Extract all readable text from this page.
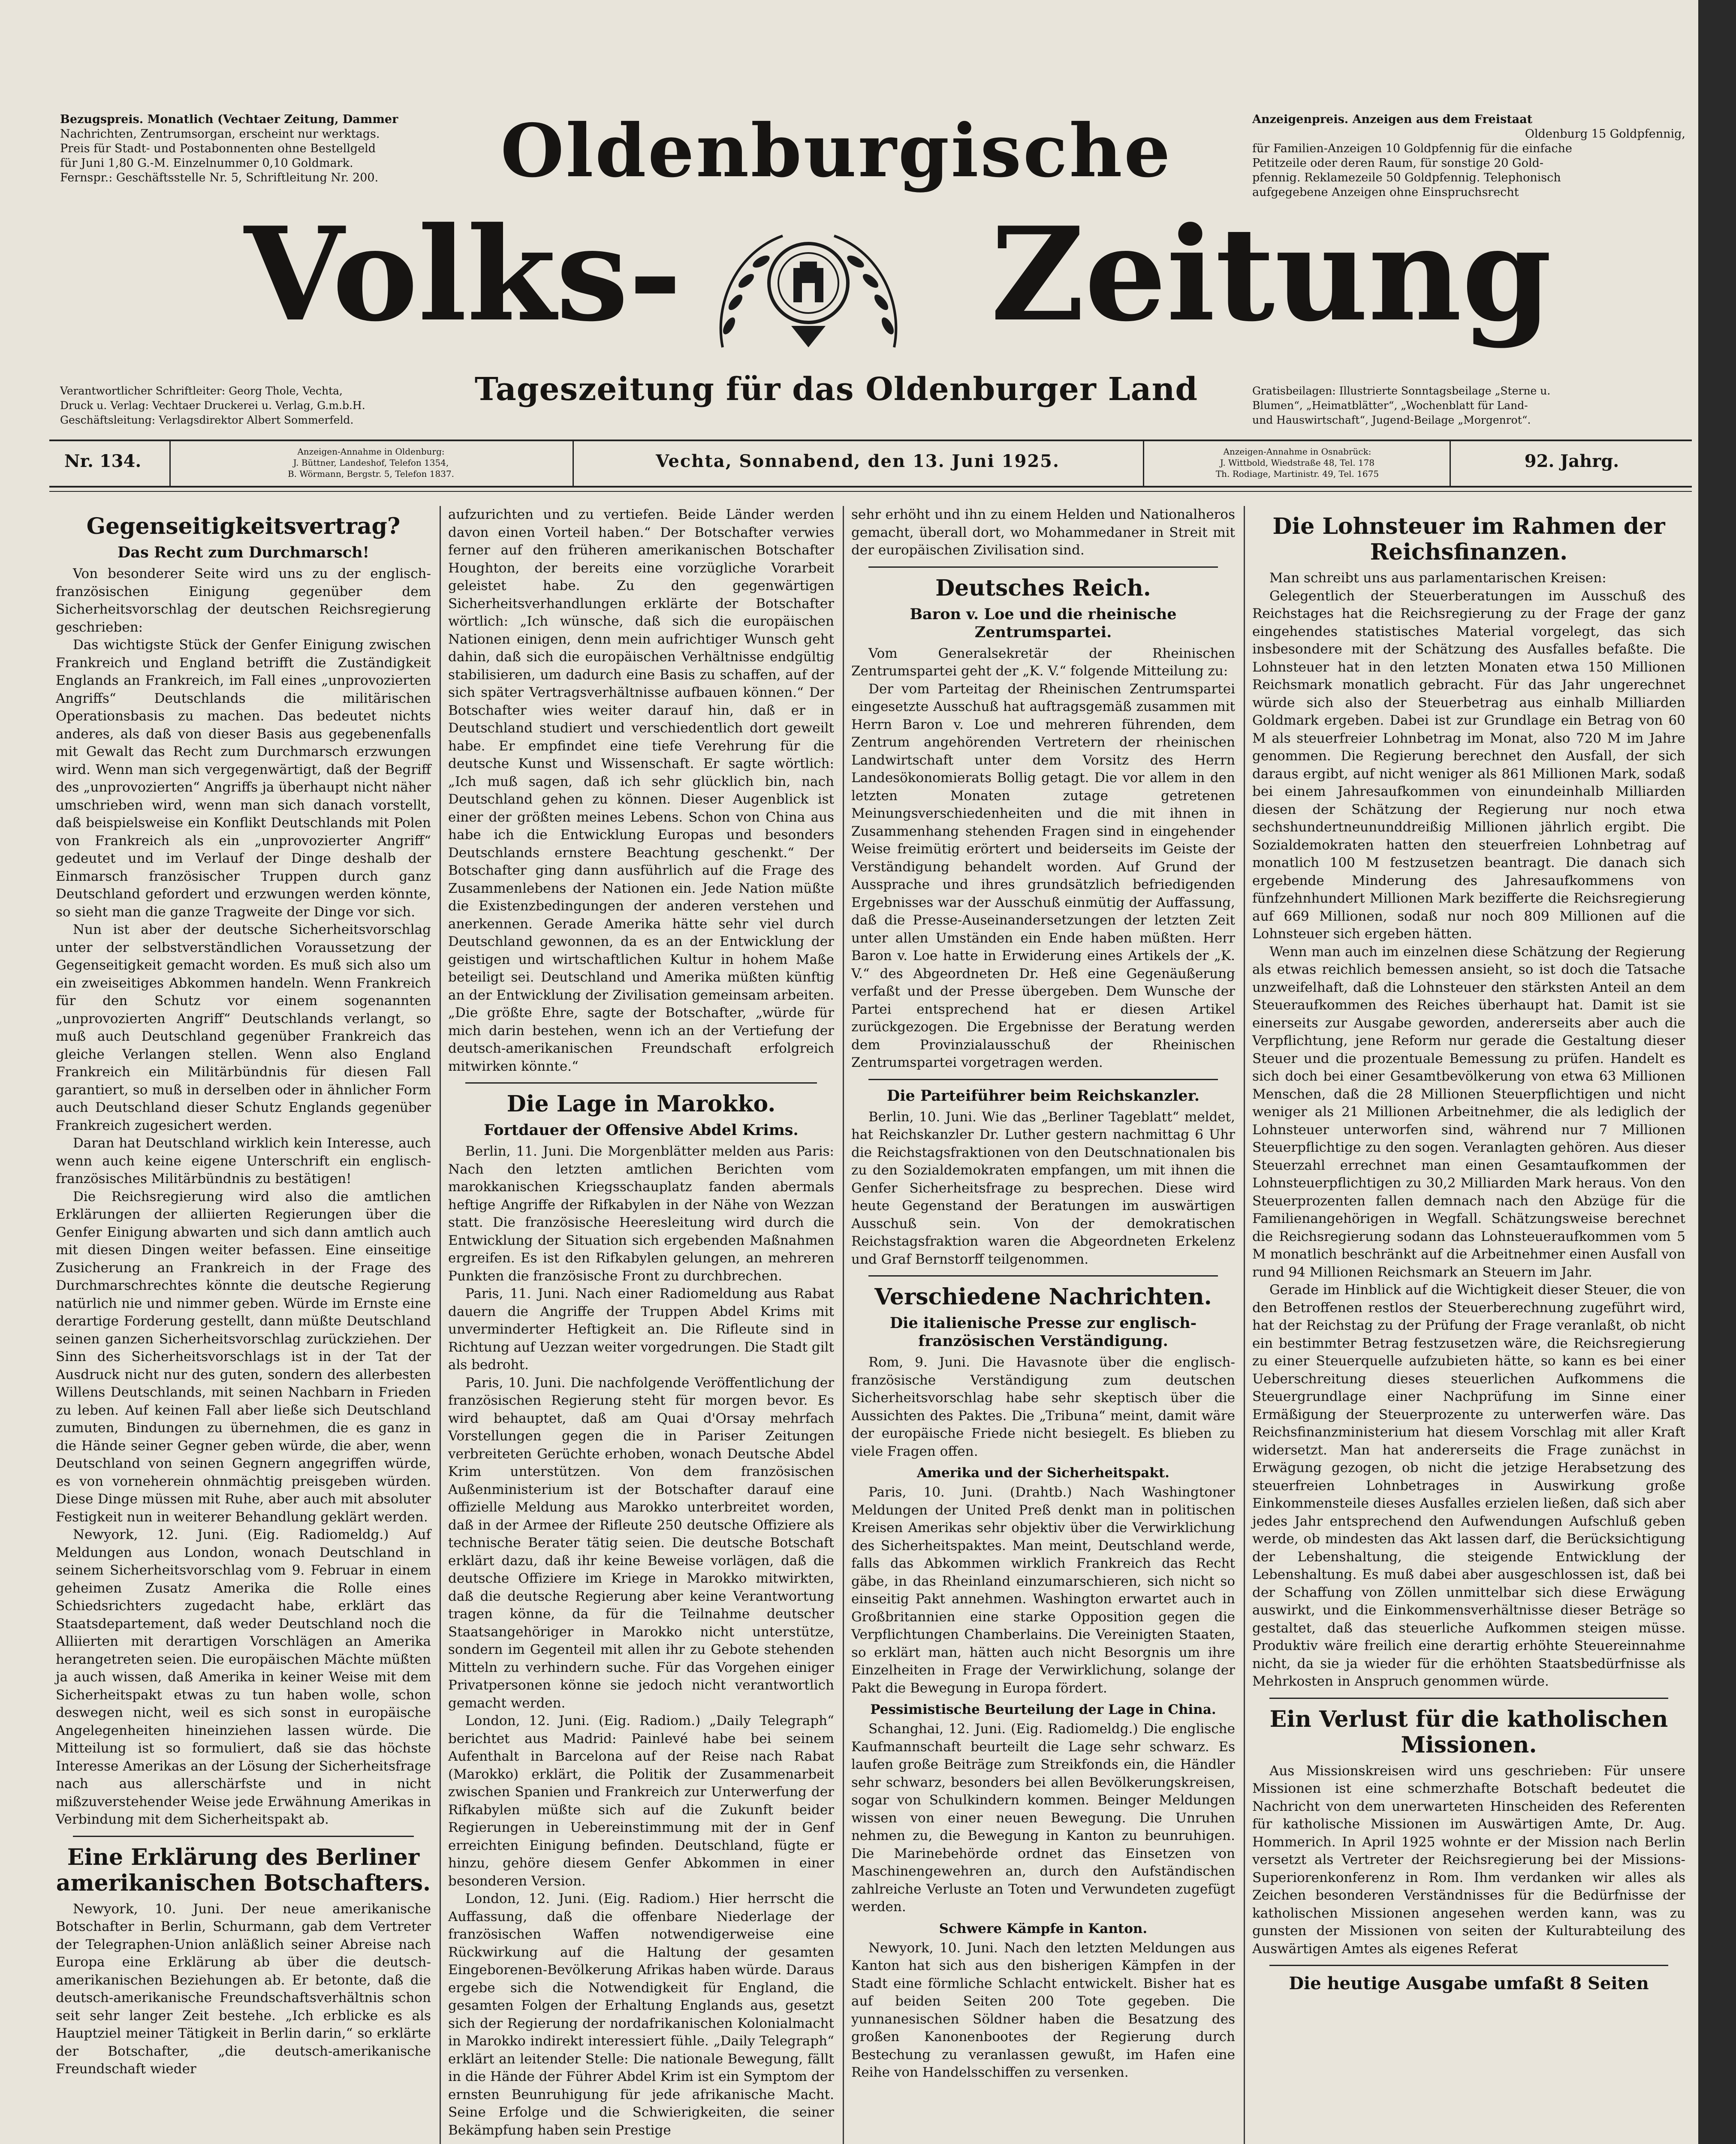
Bezugspreis. Monatlich (Vechtaer Zeitung, Dammer
Nachrichten, Zentrumsorgan, erscheint nur werktags.
Preis für Stadt- und Postabonnenten ohne Bestellgeld
für Juni 1,80 G.-M. Einzelnummer 0,10 Goldmark.
Fernspr.: Geschäftsstelle Nr. 5, Schriftleitung Nr. 200.
Anzeigenpreis. Anzeigen aus dem Freistaat
Oldenburg 15 Goldpfennig,
für Familien-Anzeigen 10 Goldpfennig für die einfache
Petitzeile oder deren Raum, für sonstige 20 Gold-
pfennig. Reklamezeile 50 Goldpfennig. Telephonisch
aufgegebene Anzeigen ohne Einspruchsrecht
Oldenburgische
Volks- Zeitung
Tageszeitung für das Oldenburger Land
Verantwortlicher Schriftleiter: Georg Thole, Vechta,
Druck u. Verlag: Vechtaer Druckerei u. Verlag, G.m.b.H.
Geschäftsleitung: Verlagsdirektor Albert Sommerfeld.
Gratisbeilagen: Illustrierte Sonntagsbeilage „Sterne u.
Blumen“, „Heimatblätter“, „Wochenblatt für Land-
und Hauswirtschaft“, Jugend-Beilage „Morgenrot“.
Nr. 134.	Anzeigen-Annahme in Oldenburg:
J. Büttner, Landeshof, Telefon 1354,
B. Wörmann, Bergstr. 5, Telefon 1837.
Vechta, Sonnabend, den 13. Juni 1925.	Anzeigen-Annahme in Osnabrück:
J. Wittbold, Wiedstraße 48, Tel. 178
Th. Rodiage, Martinistr. 49, Tel. 1675
92. Jahrg.
Gegenseitigkeitsvertrag?
Das Recht zum Durchmarsch!

Von besonderer Seite wird uns zu der englisch-französischen Einigung gegenüber dem Sicherheitsvorschlag der deutschen Reichsregierung geschrieben:

Das wichtigste Stück der Genfer Einigung zwischen Frankreich und England betrifft die Zuständigkeit Englands an Frankreich, im Fall eines „unprovozierten Angriffs“ Deutschlands die militärischen Operationsbasis zu machen. Das bedeutet nichts anderes, als daß von dieser Basis aus gegebenenfalls mit Gewalt das Recht zum Durchmarsch erzwungen wird. Wenn man sich vergegenwärtigt, daß der Begriff des „unprovozierten“ Angriffs ja überhaupt nicht näher umschrieben wird, wenn man sich danach vorstellt, daß beispielsweise ein Konflikt Deutschlands mit Polen von Frankreich als ein „unprovozierter Angriff“ gedeutet und im Verlauf der Dinge deshalb der Einmarsch französischer Truppen durch ganz Deutschland gefordert und erzwungen werden könnte, so sieht man die ganze Tragweite der Dinge vor sich.

Nun ist aber der deutsche Sicherheitsvorschlag unter der selbstverständlichen Voraussetzung der Gegenseitigkeit gemacht worden. Es muß sich also um ein zweiseitiges Abkommen handeln. Wenn Frankreich für den Schutz vor einem sogenannten „unprovozierten Angriff“ Deutschlands verlangt, so muß auch Deutschland gegenüber Frankreich das gleiche Verlangen stellen. Wenn also England Frankreich ein Militärbündnis für diesen Fall garantiert, so muß in derselben oder in ähnlicher Form auch Deutschland dieser Schutz Englands gegenüber Frankreich zugesichert werden.

Daran hat Deutschland wirklich kein Interesse, auch wenn auch keine eigene Unterschrift ein englisch-französisches Militärbündnis zu bestätigen!

Die Reichsregierung wird also die amtlichen Erklärungen der alliierten Regierungen über die Genfer Einigung abwarten und sich dann amtlich auch mit diesen Dingen weiter befassen. Eine einseitige Zusicherung an Frankreich in der Frage des Durchmarschrechtes könnte die deutsche Regierung natürlich nie und nimmer geben. Würde im Ernste eine derartige Forderung gestellt, dann müßte Deutschland seinen ganzen Sicherheitsvorschlag zurückziehen. Der Sinn des Sicherheitsvorschlags ist in der Tat der Ausdruck nicht nur des guten, sondern des allerbesten Willens Deutschlands, mit seinen Nachbarn in Frieden zu leben. Auf keinen Fall aber ließe sich Deutschland zumuten, Bindungen zu übernehmen, die es ganz in die Hände seiner Gegner geben würde, die aber, wenn Deutschland von seinen Gegnern angegriffen würde, es von vorneherein ohnmächtig preisgeben würden. Diese Dinge müssen mit Ruhe, aber auch mit absoluter Festigkeit nun in weiterer Behandlung geklärt werden.

Newyork, 12. Juni. (Eig. Radiomeldg.) Auf Meldungen aus London, wonach Deutschland in seinem Sicherheitsvorschlag vom 9. Februar in einem geheimen Zusatz Amerika die Rolle eines Schiedsrichters zugedacht habe, erklärt das Staatsdepartement, daß weder Deutschland noch die Alliierten mit derartigen Vorschlägen an Amerika herangetreten seien. Die europäischen Mächte müßten ja auch wissen, daß Amerika in keiner Weise mit dem Sicherheitspakt etwas zu tun haben wolle, schon deswegen nicht, weil es sich sonst in europäische Angelegenheiten hineinziehen lassen würde. Die Mitteilung ist so formuliert, daß sie das höchste Interesse Amerikas an der Lösung der Sicherheitsfrage nach aus allerschärfste und in nicht mißzuverstehender Weise jede Erwähnung Amerikas in Verbindung mit dem Sicherheitspakt ab.

Eine Erklärung des Berliner amerikanischen Botschafters.

Newyork, 10. Juni. Der neue amerikanische Botschafter in Berlin, Schurmann, gab dem Vertreter der Telegraphen-Union anläßlich seiner Abreise nach Europa eine Erklärung ab über die deutsch-amerikanischen Beziehungen ab. Er betonte, daß die deutsch-amerikanische Freundschaftsverhältnis schon seit sehr langer Zeit bestehe. „Ich erblicke es als Hauptziel meiner Tätigkeit in Berlin darin,“ so erklärte der Botschafter, „die deutsch-amerikanische Freundschaft wieder

aufzurichten und zu vertiefen. Beide Länder werden davon einen Vorteil haben.“ Der Botschafter verwies ferner auf den früheren amerikanischen Botschafter Houghton, der bereits eine vorzügliche Vorarbeit geleistet habe. Zu den gegenwärtigen Sicherheitsverhandlungen erklärte der Botschafter wörtlich: „Ich wünsche, daß sich die europäischen Nationen einigen, denn mein aufrichtiger Wunsch geht dahin, daß sich die europäischen Verhältnisse endgültig stabilisieren, um dadurch eine Basis zu schaffen, auf der sich später Vertragsverhältnisse aufbauen können.“ Der Botschafter wies weiter darauf hin, daß er in Deutschland studiert und verschiedentlich dort geweilt habe. Er empfindet eine tiefe Verehrung für die deutsche Kunst und Wissenschaft. Er sagte wörtlich: „Ich muß sagen, daß ich sehr glücklich bin, nach Deutschland gehen zu können. Dieser Augenblick ist einer der größten meines Lebens. Schon von China aus habe ich die Entwicklung Europas und besonders Deutschlands ernstere Beachtung geschenkt.“ Der Botschafter ging dann ausführlich auf die Frage des Zusammenlebens der Nationen ein. Jede Nation müßte die Existenzbedingungen der anderen verstehen und anerkennen. Gerade Amerika hätte sehr viel durch Deutschland gewonnen, da es an der Entwicklung der geistigen und wirtschaftlichen Kultur in hohem Maße beteiligt sei. Deutschland und Amerika müßten künftig an der Entwicklung der Zivilisation gemeinsam arbeiten. „Die größte Ehre, sagte der Botschafter, „würde für mich darin bestehen, wenn ich an der Vertiefung der deutsch-amerikanischen Freundschaft erfolgreich mitwirken könnte.“

Die Lage in Marokko.
Fortdauer der Offensive Abdel Krims.

Berlin, 11. Juni. Die Morgenblätter melden aus Paris: Nach den letzten amtlichen Berichten vom marokkanischen Kriegsschauplatz fanden abermals heftige Angriffe der Rifkabylen in der Nähe von Wezzan statt. Die französische Heeresleitung wird durch die Entwicklung der Situation sich ergebenden Maßnahmen ergreifen. Es ist den Rifkabylen gelungen, an mehreren Punkten die französische Front zu durchbrechen.

Paris, 11. Juni. Nach einer Radiomeldung aus Rabat dauern die Angriffe der Truppen Abdel Krims mit unverminderter Heftigkeit an. Die Rifleute sind in Richtung auf Uezzan weiter vorgedrungen. Die Stadt gilt als bedroht.

Paris, 10. Juni. Die nachfolgende Veröffentlichung der französischen Regierung steht für morgen bevor. Es wird behauptet, daß am Quai d'Orsay mehrfach Vorstellungen gegen die in Pariser Zeitungen verbreiteten Gerüchte erhoben, wonach Deutsche Abdel Krim unterstützen. Von dem französischen Außenministerium ist der Botschafter darauf eine offizielle Meldung aus Marokko unterbreitet worden, daß in der Armee der Rifleute 250 deutsche Offiziere als technische Berater tätig seien. Die deutsche Botschaft erklärt dazu, daß ihr keine Beweise vorlägen, daß die deutsche Offiziere im Kriege in Marokko mitwirkten, daß die deutsche Regierung aber keine Verantwortung tragen könne, da für die Teilnahme deutscher Staatsangehöriger in Marokko nicht unterstütze, sondern im Gegenteil mit allen ihr zu Gebote stehenden Mitteln zu verhindern suche. Für das Vorgehen einiger Privatpersonen könne sie jedoch nicht verantwortlich gemacht werden.

London, 12. Juni. (Eig. Radiom.) „Daily Telegraph“ berichtet aus Madrid: Painlevé habe bei seinem Aufenthalt in Barcelona auf der Reise nach Rabat (Marokko) erklärt, die Politik der Zusammenarbeit zwischen Spanien und Frankreich zur Unterwerfung der Rifkabylen müßte sich auf die Zukunft beider Regierungen in Uebereinstimmung mit der in Genf erreichten Einigung befinden. Deutschland, fügte er hinzu, gehöre diesem Genfer Abkommen in einer besonderen Version.

London, 12. Juni. (Eig. Radiom.) Hier herrscht die Auffassung, daß die offenbare Niederlage der französischen Waffen notwendigerweise eine Rückwirkung auf die Haltung der gesamten Eingeborenen-Bevölkerung Afrikas haben würde. Daraus ergebe sich die Notwendigkeit für England, die gesamten Folgen der Erhaltung Englands aus, gesetzt sich der Regierung der nordafrikanischen Kolonialmacht in Marokko indirekt interessiert fühle. „Daily Telegraph“ erklärt an leitender Stelle: Die nationale Bewegung, fällt in die Hände der Führer Abdel Krim ist ein Symptom der ernsten Beunruhigung für jede afrikanische Macht. Seine Erfolge und die Schwierigkeiten, die seiner Bekämpfung haben sein Prestige

sehr erhöht und ihn zu einem Helden und Nationalheros gemacht, überall dort, wo Mohammedaner in Streit mit der europäischen Zivilisation sind.

Deutsches Reich.
Baron v. Loe und die rheinische Zentrumspartei.

Vom Generalsekretär der Rheinischen Zentrumspartei geht der „K. V.“ folgende Mitteilung zu:

Der vom Parteitag der Rheinischen Zentrumspartei eingesetzte Ausschuß hat auftragsgemäß zusammen mit Herrn Baron v. Loe und mehreren führenden, dem Zentrum angehörenden Vertretern der rheinischen Landwirtschaft unter dem Vorsitz des Herrn Landesökonomierats Bollig getagt. Die vor allem in den letzten Monaten zutage getretenen Meinungsverschiedenheiten und die mit ihnen in Zusammenhang stehenden Fragen sind in eingehender Weise freimütig erörtert und beiderseits im Geiste der Verständigung behandelt worden. Auf Grund der Aussprache und ihres grundsätzlich befriedigenden Ergebnisses war der Ausschuß einmütig der Auffassung, daß die Presse-Auseinandersetzungen der letzten Zeit unter allen Umständen ein Ende haben müßten. Herr Baron v. Loe hatte in Erwiderung eines Artikels der „K. V.“ des Abgeordneten Dr. Heß eine Gegenäußerung verfaßt und der Presse übergeben. Dem Wunsche der Partei entsprechend hat er diesen Artikel zurückgezogen. Die Ergebnisse der Beratung werden dem Provinzialausschuß der Rheinischen Zentrumspartei vorgetragen werden.

Die Parteiführer beim Reichskanzler.

Berlin, 10. Juni. Wie das „Berliner Tageblatt“ meldet, hat Reichskanzler Dr. Luther gestern nachmittag 6 Uhr die Reichstagsfraktionen von den Deutschnationalen bis zu den Sozialdemokraten empfangen, um mit ihnen die Genfer Sicherheitsfrage zu besprechen. Diese wird heute Gegenstand der Beratungen im auswärtigen Ausschuß sein. Von der demokratischen Reichstagsfraktion waren die Abgeordneten Erkelenz und Graf Bernstorff teilgenommen.

Verschiedene Nachrichten.
Die italienische Presse zur englisch-französischen Verständigung.

Rom, 9. Juni. Die Havasnote über die englisch-französische Verständigung zum deutschen Sicherheitsvorschlag habe sehr skeptisch über die Aussichten des Paktes. Die „Tribuna“ meint, damit wäre der europäische Friede nicht besiegelt. Es blieben zu viele Fragen offen.

Amerika und der Sicherheitspakt.

Paris, 10. Juni. (Drahtb.) Nach Washingtoner Meldungen der United Preß denkt man in politischen Kreisen Amerikas sehr objektiv über die Verwirklichung des Sicherheitspaktes. Man meint, Deutschland werde, falls das Abkommen wirklich Frankreich das Recht gäbe, in das Rheinland einzumarschieren, sich nicht so einseitig Pakt annehmen. Washington erwartet auch in Großbritannien eine starke Opposition gegen die Verpflichtungen Chamberlains. Die Vereinigten Staaten, so erklärt man, hätten auch nicht Besorgnis um ihre Einzelheiten in Frage der Verwirklichung, solange der Pakt die Bewegung in Europa fördert.

Pessimistische Beurteilung der Lage in China.

Schanghai, 12. Juni. (Eig. Radiomeldg.) Die englische Kaufmannschaft beurteilt die Lage sehr schwarz. Es laufen große Beiträge zum Streikfonds ein, die Händler sehr schwarz, besonders bei allen Bevölkerungskreisen, sogar von Schulkindern kommen. Beinger Meldungen wissen von einer neuen Bewegung. Die Unruhen nehmen zu, die Bewegung in Kanton zu beunruhigen. Die Marinebehörde ordnet das Einsetzen von Maschinengewehren an, durch den Aufständischen zahlreiche Verluste an Toten und Verwundeten zugefügt werden.

Schwere Kämpfe in Kanton.

Newyork, 10. Juni. Nach den letzten Meldungen aus Kanton hat sich aus den bisherigen Kämpfen in der Stadt eine förmliche Schlacht entwickelt. Bisher hat es auf beiden Seiten 200 Tote gegeben. Die yunnanesischen Söldner haben die Besatzung des großen Kanonenbootes der Regierung durch Bestechung zu veranlassen gewußt, im Hafen eine Reihe von Handelsschiffen zu versenken.

Die Lohnsteuer im Rahmen der Reichsfinanzen.

Man schreibt uns aus parlamentarischen Kreisen:

Gelegentlich der Steuerberatungen im Ausschuß des Reichstages hat die Reichsregierung zu der Frage der ganz eingehendes statistisches Material vorgelegt, das sich insbesondere mit der Schätzung des Ausfalles befaßte. Die Lohnsteuer hat in den letzten Monaten etwa 150 Millionen Reichsmark monatlich gebracht. Für das Jahr ungerechnet würde sich also der Steuerbetrag aus einhalb Milliarden Goldmark ergeben. Dabei ist zur Grundlage ein Betrag von 60 M als steuerfreier Lohnbetrag im Monat, also 720 M im Jahre genommen. Die Regierung berechnet den Ausfall, der sich daraus ergibt, auf nicht weniger als 861 Millionen Mark, sodaß bei einem Jahresaufkommen von einundeinhalb Milliarden diesen der Schätzung der Regierung nur noch etwa sechshundertneununddreißig Millionen jährlich ergibt. Die Sozialdemokraten hatten den steuerfreien Lohnbetrag auf monatlich 100 M festzusetzen beantragt. Die danach sich ergebende Minderung des Jahresaufkommens von fünfzehnhundert Millionen Mark bezifferte die Reichsregierung auf 669 Millionen, sodaß nur noch 809 Millionen auf die Lohnsteuer sich ergeben hätten.

Wenn man auch im einzelnen diese Schätzung der Regierung als etwas reichlich bemessen ansieht, so ist doch die Tatsache unzweifelhaft, daß die Lohnsteuer den stärksten Anteil an dem Steueraufkommen des Reiches überhaupt hat. Damit ist sie einerseits zur Ausgabe geworden, andererseits aber auch die Verpflichtung, jene Reform nur gerade die Gestaltung dieser Steuer und die prozentuale Bemessung zu prüfen. Handelt es sich doch bei einer Gesamtbevölkerung von etwa 63 Millionen Menschen, daß die 28 Millionen Steuerpflichtigen und nicht weniger als 21 Millionen Arbeitnehmer, die als lediglich der Lohnsteuer unterworfen sind, während nur 7 Millionen Steuerpflichtige zu den sogen. Veranlagten gehören. Aus dieser Steuerzahl errechnet man einen Gesamtaufkommen der Lohnsteuerpflichtigen zu 30,2 Milliarden Mark heraus. Von den Steuerprozenten fallen demnach nach den Abzüge für die Familienangehörigen in Wegfall. Schätzungsweise berechnet die Reichsregierung sodann das Lohnsteueraufkommen vom 5 M monatlich beschränkt auf die Arbeitnehmer einen Ausfall von rund 94 Millionen Reichsmark an Steuern im Jahr.

Gerade im Hinblick auf die Wichtigkeit dieser Steuer, die von den Betroffenen restlos der Steuerberechnung zugeführt wird, hat der Reichstag zu der Prüfung der Frage veranlaßt, ob nicht ein bestimmter Betrag festzusetzen wäre, die Reichsregierung zu einer Steuerquelle aufzubieten hätte, so kann es bei einer Ueberschreitung dieses steuerlichen Aufkommens die Steuergrundlage einer Nachprüfung im Sinne einer Ermäßigung der Steuerprozente zu unterwerfen wäre. Das Reichsfinanzministerium hat diesem Vorschlag mit aller Kraft widersetzt. Man hat andererseits die Frage zunächst in Erwägung gezogen, ob nicht die jetzige Herabsetzung des steuerfreien Lohnbetrages in Auswirkung große Einkommensteile dieses Ausfalles erzielen ließen, daß sich aber jedes Jahr entsprechend den Aufwendungen Aufschluß geben werde, ob mindesten das Akt lassen darf, die Berücksichtigung der Lebenshaltung, die steigende Entwicklung der Lebenshaltung. Es muß dabei aber ausgeschlossen ist, daß bei der Schaffung von Zöllen unmittelbar sich diese Erwägung auswirkt, und die Einkommensverhältnisse dieser Beträge so gestaltet, daß das steuerliche Aufkommen steigen müsse. Produktiv wäre freilich eine derartig erhöhte Steuereinnahme nicht, da sie ja wieder für die erhöhten Staatsbedürfnisse als Mehrkosten in Anspruch genommen würde.

Ein Verlust für die katholischen Missionen.

Aus Missionskreisen wird uns geschrieben: Für unsere Missionen ist eine schmerzhafte Botschaft bedeutet die Nachricht von dem unerwarteten Hinscheiden des Referenten für katholische Missionen im Auswärtigen Amte, Dr. Aug. Hommerich. In April 1925 wohnte er der Mission nach Berlin versetzt als Vertreter der Reichsregierung bei der Missions-Superiorenkonferenz in Rom. Ihm verdanken wir alles als Zeichen besonderen Verständnisses für die Bedürfnisse der katholischen Missionen angesehen werden kann, was zu gunsten der Missionen von seiten der Kulturabteilung des Auswärtigen Amtes als eigenes Referat

Die heutige Ausgabe umfaßt 8 Seiten
